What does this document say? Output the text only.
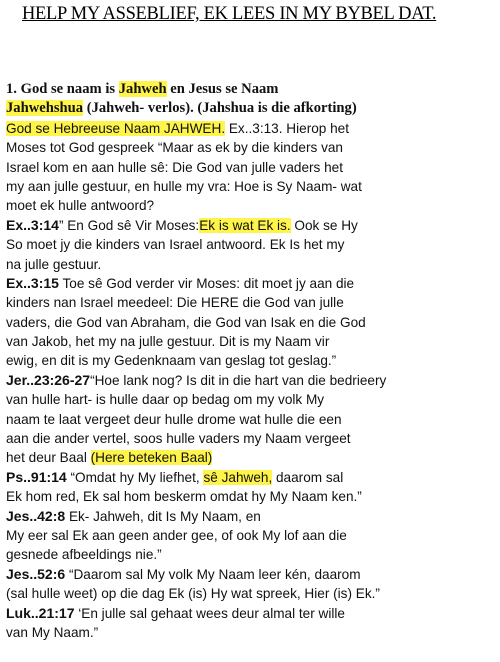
HELP MY ASSEBLIEF, EK LEES IN MY BYBEL DAT.
1. God se naam is Jahweh en Jesus se Naam
Jahwehshua (Jahweh- verlos). (Jahshua is die afkorting)
God se Hebreeuse Naam JAHWEH. Ex..3:13. Hierop het
Moses tot God gespreek “Maar as ek by die kinders van
Israel kom en aan hulle sê: Die God van julle vaders het
my aan julle gestuur, en hulle my vra: Hoe is Sy Naam- wat
moet ek hulle antwoord?
Ex..3:14” En God sê Vir Moses:Ek is wat Ek is. Ook se Hy
So moet jy die kinders van Israel antwoord. Ek Is het my
na julle gestuur.
Ex..3:15 Toe sê God verder vir Moses: dit moet jy aan die
kinders nan Israel meedeel: Die HERE die God van julle
vaders, die God van Abraham, die God van Isak en die God
van Jakob, het my na julle gestuur. Dit is my Naam vir
ewig, en dit is my Gedenknaam van geslag tot geslag.”
Jer..23:26-27“Hoe lank nog? Is dit in die hart van die bedrieery
van hulle hart- is hulle daar op bedag om my volk My
naam te laat vergeet deur hulle drome wat hulle die een
aan die ander vertel, soos hulle vaders my Naam vergeet
het deur Baal (Here beteken Baal)
Ps..91:14 “Omdat hy My liefhet, sê Jahweh, daarom sal
Ek hom red, Ek sal hom beskerm omdat hy My Naam ken.”
Jes..42:8 Ek- Jahweh, dit Is My Naam, en
My eer sal Ek aan geen ander gee, of ook My lof aan die
gesnede afbeeldings nie.”
Jes..52:6 “Daarom sal My volk My Naam leer kén, daarom
(sal hulle weet) op die dag Ek (is) Hy wat spreek, Hier (is) Ek.”
Luk..21:17 ‘En julle sal gehaat wees deur almal ter wille
van My Naam.”
